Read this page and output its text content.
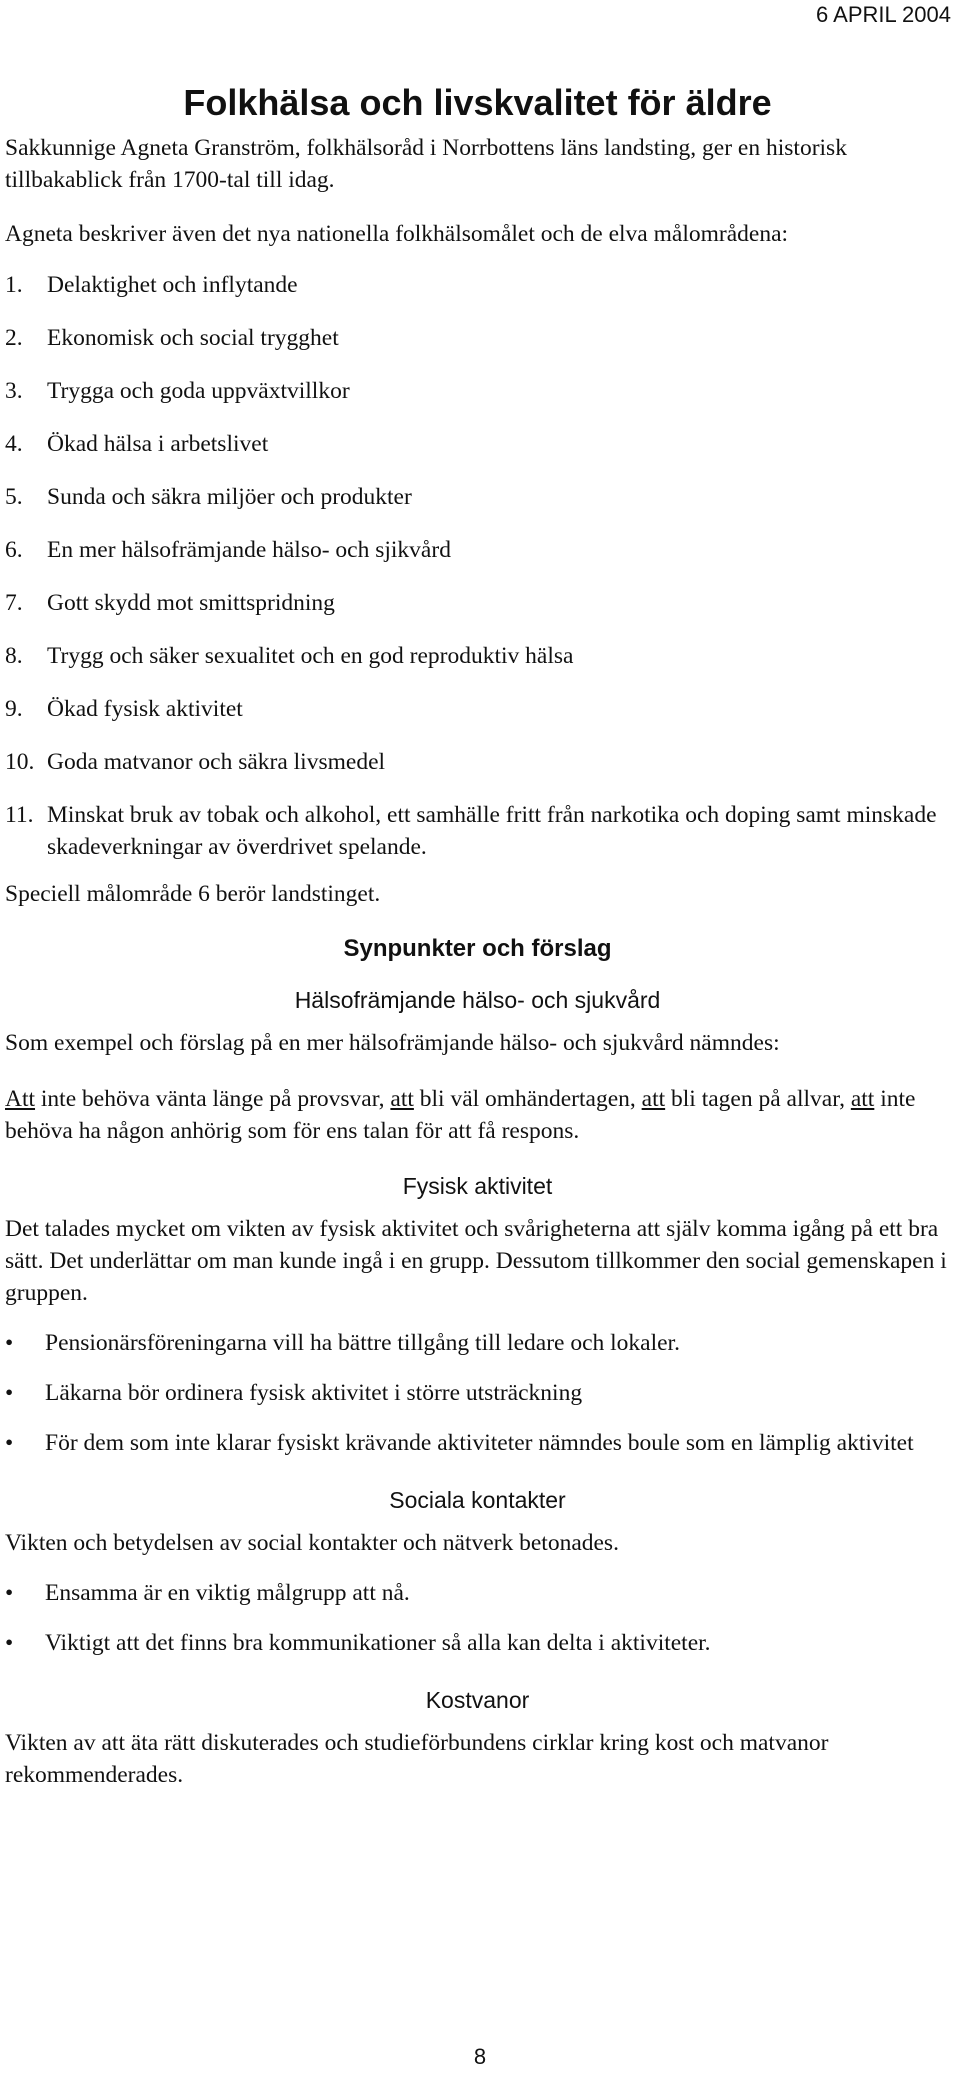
6 APRIL 2004
Folkhälsa och livskvalitet för äldre

Sakkunnige Agneta Granström, folkhälsoråd i Norrbottens läns landsting, ger en historisk tillbakablick från 1700-tal till idag.

Agneta beskriver även det nya nationella folkhälsomålet och de elva målområdena:

1.	Delaktighet och inflytande
2.	Ekonomisk och social trygghet
3.	Trygga och goda uppväxtvillkor
4.	Ökad hälsa i arbetslivet
5.	Sunda och säkra miljöer och produkter
6.	En mer hälsofrämjande hälso- och sjikvård
7.	Gott skydd mot smittspridning
8.	Trygg och säker sexualitet och en god reproduktiv hälsa
9.	Ökad fysisk aktivitet
10. Goda matvanor och säkra livsmedel
11. Minskat bruk av tobak och alkohol, ett samhälle fritt från narkotika och doping samt minskade skadeverkningar av överdrivet spelande.

Speciell målområde 6 berör landstinget.

Synpunkter och förslag
Hälsofrämjande hälso- och sjukvård

Som exempel och förslag på en mer hälsofrämjande hälso- och sjukvård nämndes:

Att inte behöva vänta länge på provsvar, att bli väl omhändertagen, att bli tagen på allvar, att inte behöva ha någon anhörig som för ens talan för att få respons.

Fysisk aktivitet

Det talades mycket om vikten av fysisk aktivitet och svårigheterna att själv komma igång på ett bra sätt. Det underlättar om man kunde ingå i en grupp. Dessutom tillkommer den social gemenskapen i gruppen.

•	Pensionärsföreningarna vill ha bättre tillgång till ledare och lokaler.
•	Läkarna bör ordinera fysisk aktivitet i större utsträckning
•	För dem som inte klarar fysiskt krävande aktiviteter nämndes boule som en lämplig aktivitet
Sociala kontakter

Vikten och betydelsen av social kontakter och nätverk betonades.

•	Ensamma är en viktig målgrupp att nå.
•	Viktigt att det finns bra kommunikationer så alla kan delta i aktiviteter.
Kostvanor

Vikten av att äta rätt diskuterades och studieförbundens cirklar kring kost och matvanor rekommenderades.

8
